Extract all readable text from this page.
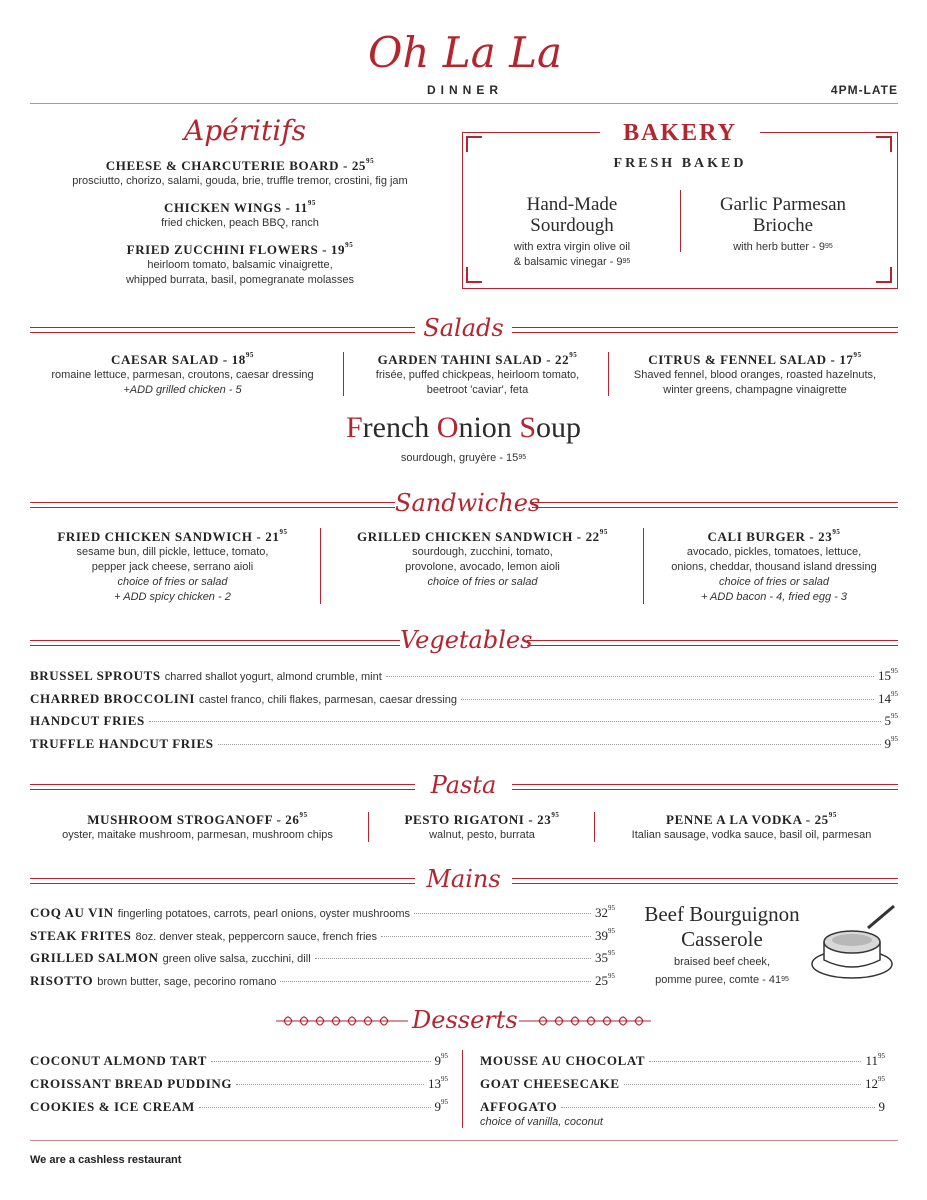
Oh La La
DINNER	4PM-LATE
Apéritifs
CHEESE & CHARCUTERIE BOARD - $25^{95}$
prosciutto, chorizo, salami, gouda, brie, truffle tremor, crostini, fig jam
CHICKEN WINGS - $11^{95}$
fried chicken, peach BBQ, ranch
FRIED ZUCCHINI FLOWERS - $19^{95}$
heirloom tomato, balsamic vinaigrette,
whipped burrata, basil, pomegranate molasses
BAKERY
FRESH BAKED
Hand-Made
Sourdough
with extra virgin olive oil
& balsamic vinegar - $9^{95}$
Garlic Parmesan
Brioche
with herb butter - $9^{95}$
Salads
CAESAR SALAD - $18^{95}$
romaine lettuce, parmesan, croutons, caesar dressing
+ADD grilled chicken - 5
GARDEN TAHINI SALAD - $22^{95}$
frisée, puffed chickpeas, heirloom tomato,
beetroot 'caviar', feta
CITRUS & FENNEL SALAD - $17^{95}$
Shaved fennel, blood oranges, roasted hazelnuts,
winter greens, champagne vinaigrette
French Onion Soup
sourdough, gruyère - $15^{95}$
Sandwiches
FRIED CHICKEN SANDWICH - $21^{95}$
sesame bun, dill pickle, lettuce, tomato,
pepper jack cheese, serrano aioli
choice of fries or salad
+ ADD spicy chicken - 2
GRILLED CHICKEN SANDWICH - $22^{95}$
sourdough, zucchini, tomato,
provolone, avocado, lemon aioli
choice of fries or salad
CALI BURGER - $23^{95}$
avocado, pickles, tomatoes, lettuce,
onions, cheddar, thousand island dressing
choice of fries or salad
+ ADD bacon - 4, fried egg - 3
Vegetables
BRUSSEL SPROUTS charred shallot yogurt, almond crumble, mint	$15^{95}$
CHARRED BROCCOLINI castel franco, chili flakes, parmesan, caesar dressing	$14^{95}$
HANDCUT FRIES	$5^{95}$
TRUFFLE HANDCUT FRIES	$9^{95}$
Pasta
MUSHROOM STROGANOFF - $26^{95}$
oyster, maitake mushroom, parmesan, mushroom chips
PESTO RIGATONI - $23^{95}$
walnut, pesto, burrata
PENNE A LA VODKA - $25^{95}$
Italian sausage, vodka sauce, basil oil, parmesan
Mains
COQ AU VIN fingerling potatoes, carrots, pearl onions, oyster mushrooms	$32^{95}$
STEAK FRITES 8oz. denver steak, peppercorn sauce, french fries	$39^{95}$
GRILLED SALMON green olive salsa, zucchini, dill	$35^{95}$
RISOTTO brown butter, sage, pecorino romano	$25^{95}$
Beef Bourguignon
Casserole
braised beef cheek,
pomme puree, comte - $41^{95}$
Desserts
COCONUT ALMOND TART	$9^{95}$
CROISSANT BREAD PUDDING	$13^{95}$
COOKIES & ICE CREAM	$9^{95}$
MOUSSE AU CHOCOLAT	$11^{95}$
GOAT CHEESECAKE	$12^{95}$
AFFOGATO	9
choice of vanilla, coconut
We are a cashless restaurant
